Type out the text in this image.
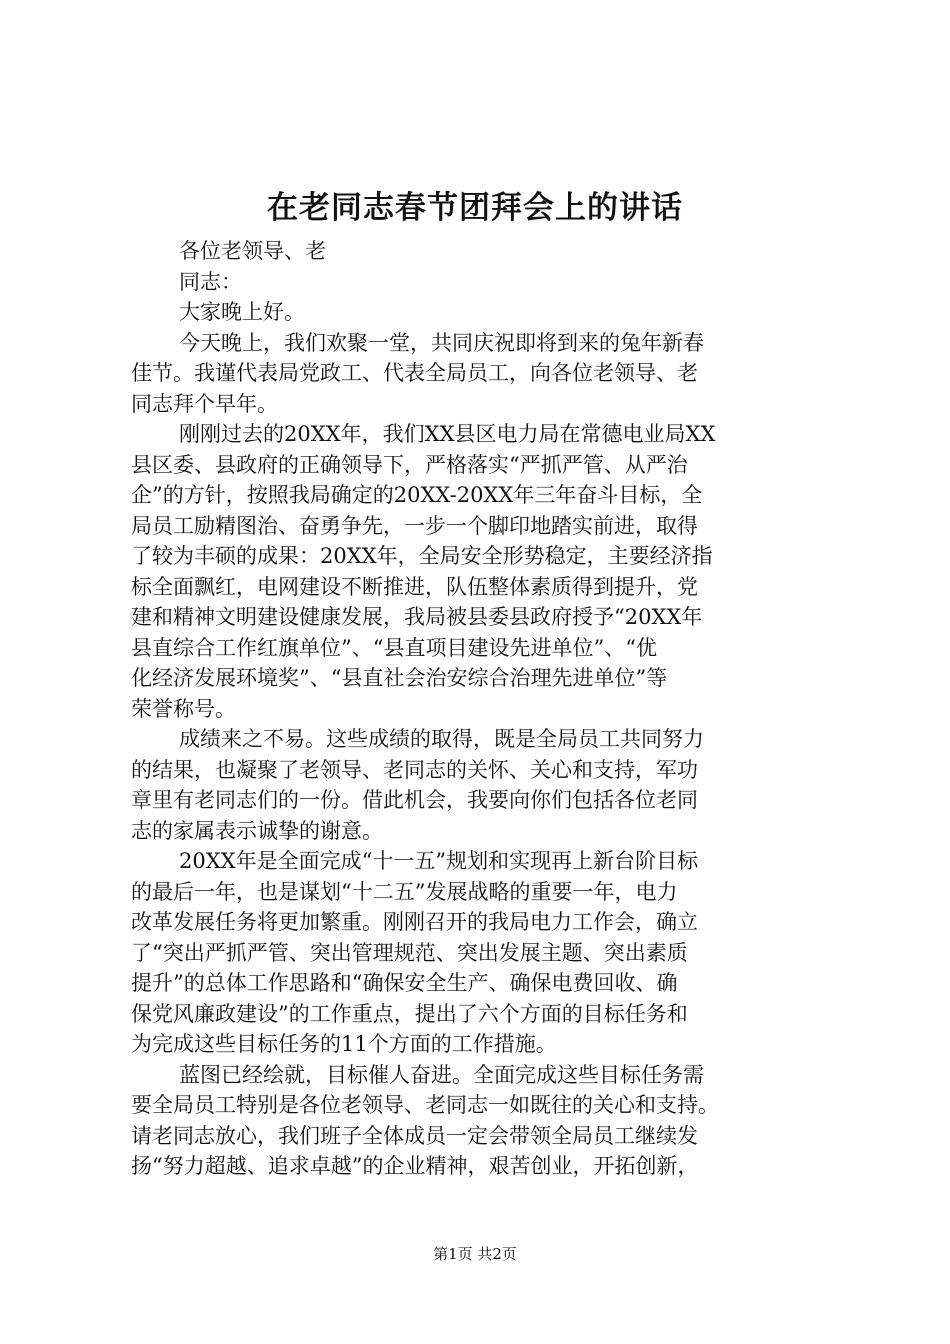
在老同志春节团拜会上的讲话
各位老领导、老
同志：
大家晚上好。
今天晚上，我们欢聚一堂，共同庆祝即将到来的兔年新春
佳节。我谨代表局党政工、代表全局员工，向各位老领导、老
同志拜个早年。
刚刚过去的20XX年，我们XX县区电力局在常德电业局XX
县区委、县政府的正确领导下，严格落实“严抓严管、从严治
企”的方针，按照我局确定的20XX-20XX年三年奋斗目标，全
局员工励精图治、奋勇争先，一步一个脚印地踏实前进，取得
了较为丰硕的成果：20XX年，全局安全形势稳定，主要经济指
标全面飘红，电网建设不断推进，队伍整体素质得到提升，党
建和精神文明建设健康发展，我局被县委县政府授予“20XX年
县直综合工作红旗单位”、“县直项目建设先进单位”、“优
化经济发展环境奖”、“县直社会治安综合治理先进单位”等
荣誉称号。
成绩来之不易。这些成绩的取得，既是全局员工共同努力
的结果，也凝聚了老领导、老同志的关怀、关心和支持，军功
章里有老同志们的一份。借此机会，我要向你们包括各位老同
志的家属表示诚挚的谢意。
20XX年是全面完成“十一五”规划和实现再上新台阶目标
的最后一年，也是谋划“十二五”发展战略的重要一年，电力
改革发展任务将更加繁重。刚刚召开的我局电力工作会，确立
了“突出严抓严管、突出管理规范、突出发展主题、突出素质
提升”的总体工作思路和“确保安全生产、确保电费回收、确
保党风廉政建设”的工作重点，提出了六个方面的目标任务和
为完成这些目标任务的11个方面的工作措施。
蓝图已经绘就，目标催人奋进。全面完成这些目标任务需
要全局员工特别是各位老领导、老同志一如既往的关心和支持。
请老同志放心，我们班子全体成员一定会带领全局员工继续发
扬“努力超越、追求卓越”的企业精神，艰苦创业，开拓创新，
第1页 共2页
